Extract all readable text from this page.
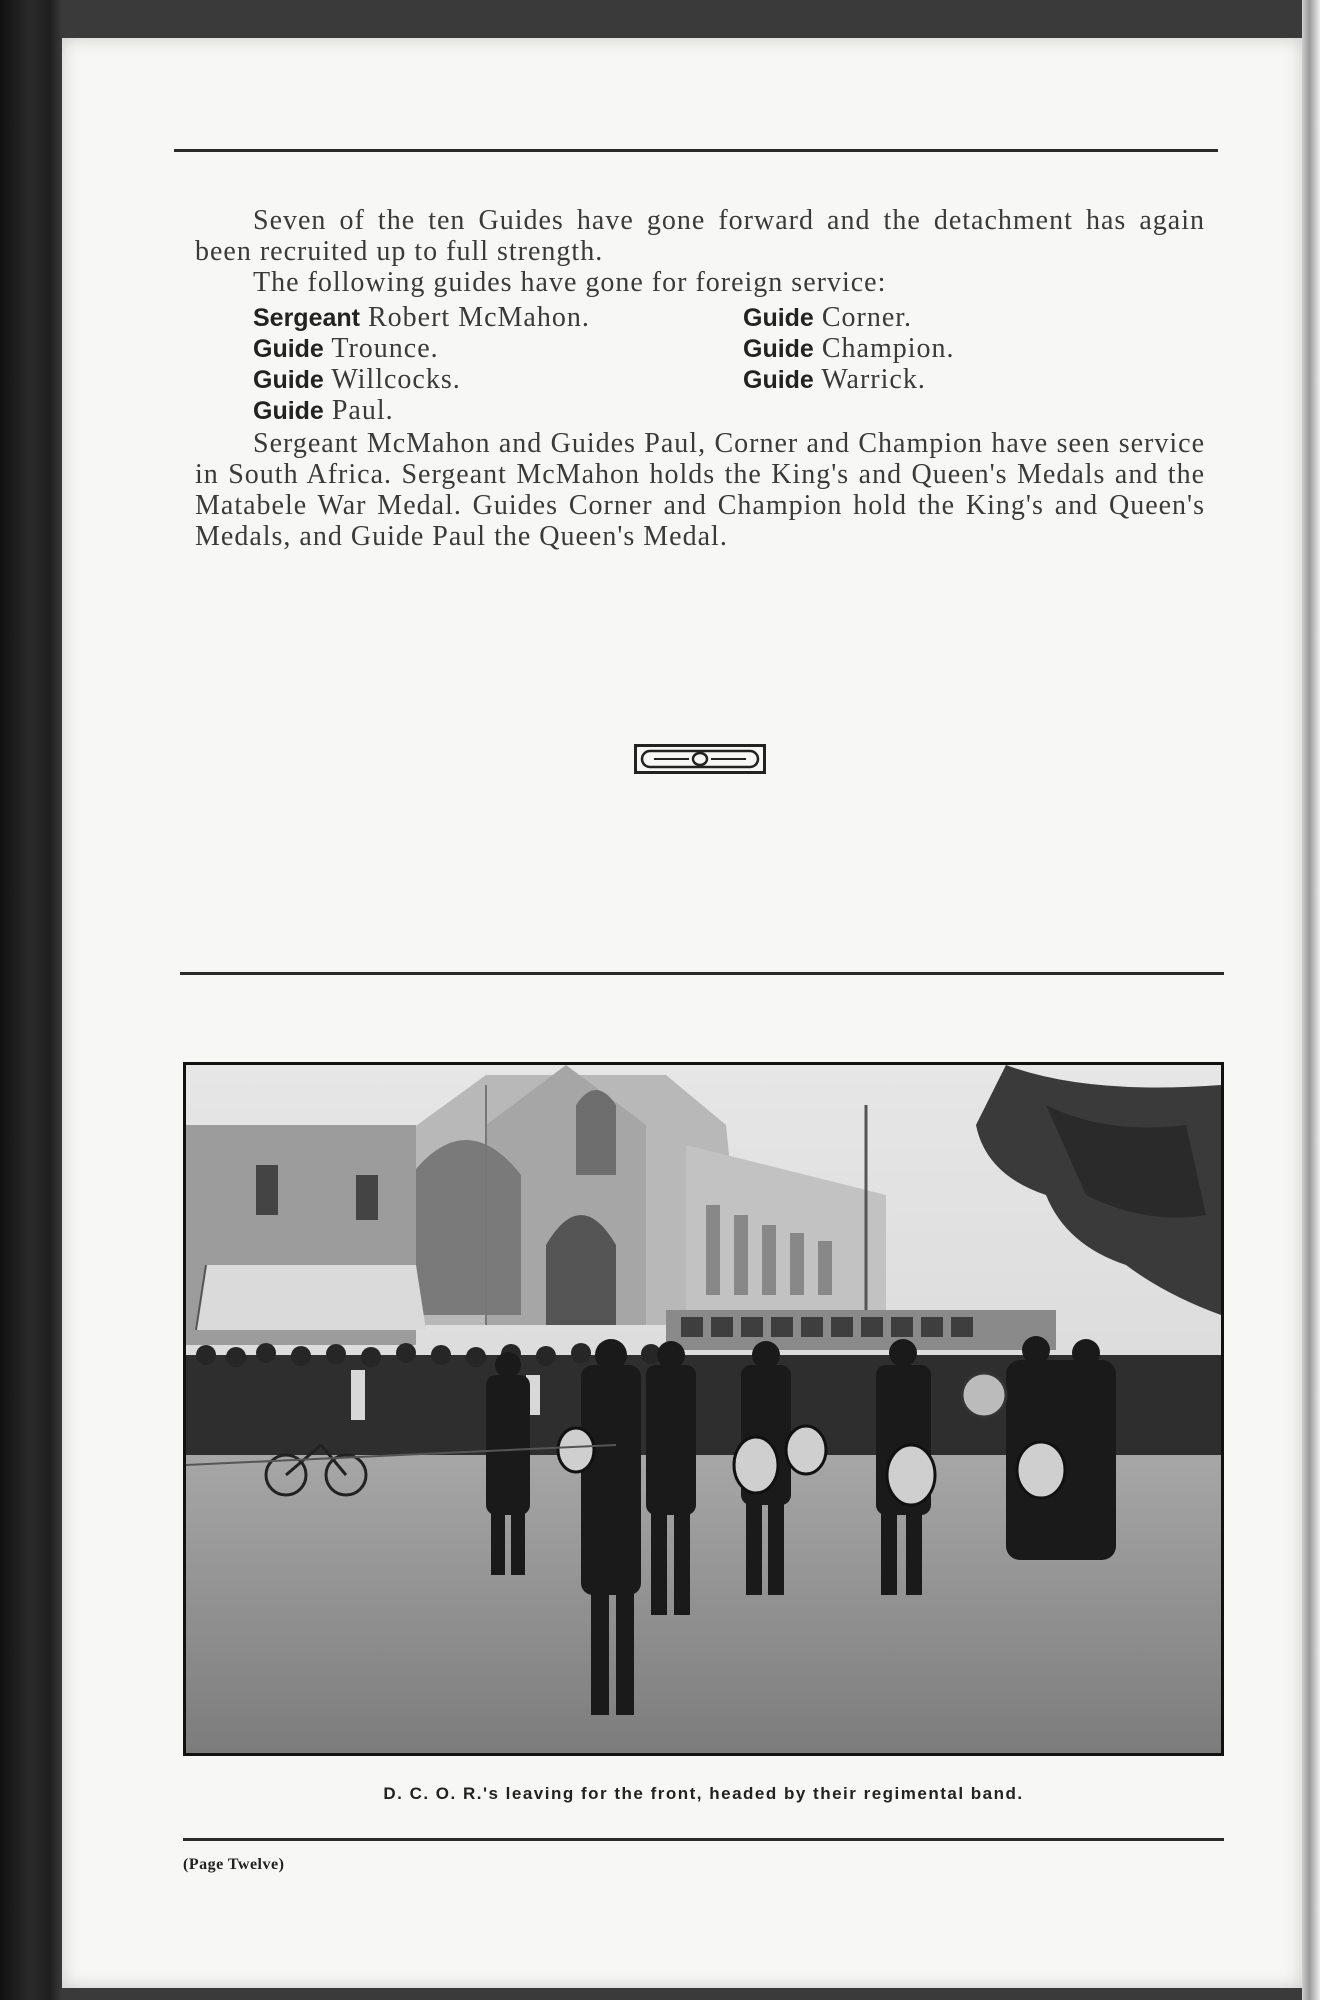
Seven of the ten Guides have gone forward and the detachment has again been recruited up to full strength.

The following guides have gone for foreign service:

Sergeant Robert McMahon.
Guide Trounce.
Guide Willcocks.
Guide Paul.
Guide Corner.
Guide Champion.
Guide Warrick.

Sergeant McMahon and Guides Paul, Corner and Champion have seen service in South Africa. Sergeant McMahon holds the King's and Queen's Medals and the Matabele War Medal. Guides Corner and Champion hold the King's and Queen's Medals, and Guide Paul the Queen's Medal.

D. C. O. R.'s leaving for the front, headed by their regimental band.
(Page Twelve)
